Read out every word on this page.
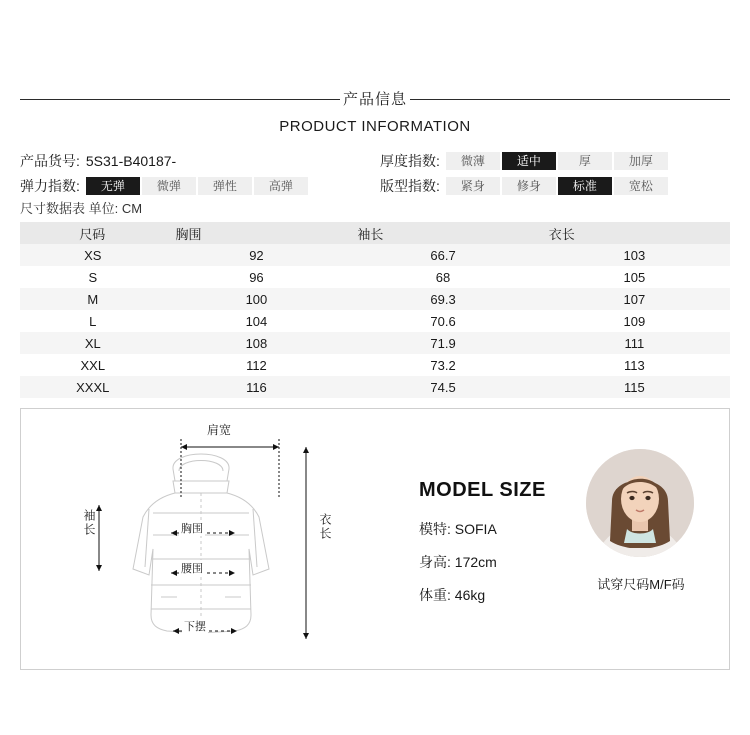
产品信息
PRODUCT INFORMATION
产品货号: 5S31-B40187-	厚度指数:	微薄	适中	厚	加厚
弹力指数:	无弹	微弹	弹性	高弹	版型指数:	紧身	修身	标准	宽松
尺寸数据表 单位: CM
尺码	胸围	袖长	衣长
XS	92	66.7	103
S	96	68	105
M	100	69.3	107
L	104	70.6	109
XL	108	71.9	111
XXL	112	73.2	113
XXXL	116	74.5	115
肩宽
袖长	衣长
胸围
腰围
下摆
MODEL SIZE
模特: SOFIA
身高: 172cm
体重: 46kg
试穿尺码M/F码
